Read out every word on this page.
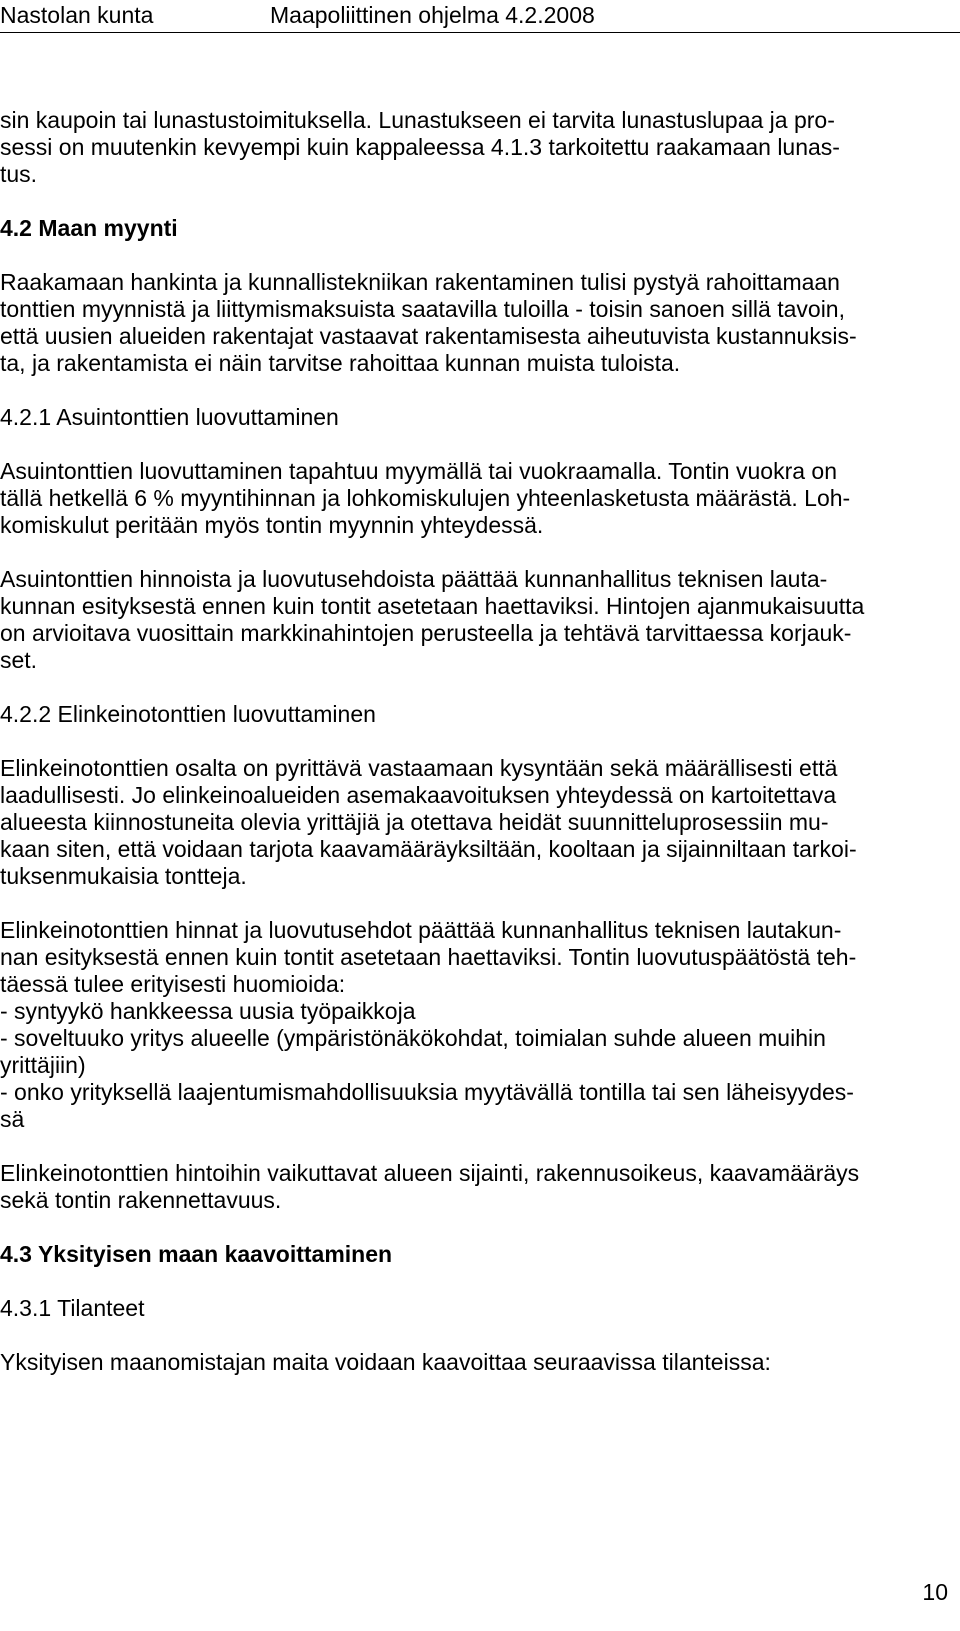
Nastolan kunta	Maapoliittinen ohjelma 4.2.2008
sin kaupoin tai lunastustoimituksella. Lunastukseen ei tarvita lunastuslupaa ja pro-
sessi on muutenkin kevyempi kuin kappaleessa 4.1.3 tarkoitettu raakamaan lunas-
tus.
4.2 Maan myynti
Raakamaan hankinta ja kunnallistekniikan rakentaminen tulisi pystyä rahoittamaan
tonttien myynnistä ja liittymismaksuista saatavilla tuloilla - toisin sanoen sillä tavoin,
että uusien alueiden rakentajat vastaavat rakentamisesta aiheutuvista kustannuksis-
ta, ja rakentamista ei näin tarvitse rahoittaa kunnan muista tuloista.
4.2.1 Asuintonttien luovuttaminen
Asuintonttien luovuttaminen tapahtuu myymällä tai vuokraamalla. Tontin vuokra on
tällä hetkellä 6 % myyntihinnan ja lohkomiskulujen yhteenlasketusta määrästä. Loh-
komiskulut peritään myös tontin myynnin yhteydessä.
Asuintonttien hinnoista ja luovutusehdoista päättää kunnanhallitus teknisen lauta-
kunnan esityksestä ennen kuin tontit asetetaan haettaviksi. Hintojen ajanmukaisuutta
on arvioitava vuosittain markkinahintojen perusteella ja tehtävä tarvittaessa korjauk-
set.
4.2.2 Elinkeinotonttien luovuttaminen
Elinkeinotonttien osalta on pyrittävä vastaamaan kysyntään sekä määrällisesti että
laadullisesti. Jo elinkeinoalueiden asemakaavoituksen yhteydessä on kartoitettava
alueesta kiinnostuneita olevia yrittäjiä ja otettava heidät suunnitteluprosessiin mu-
kaan siten, että voidaan tarjota kaavamääräyksiltään, kooltaan ja sijainniltaan tarkoi-
tuksenmukaisia tontteja.
Elinkeinotonttien hinnat ja luovutusehdot päättää kunnanhallitus teknisen lautakun-
nan esityksestä ennen kuin tontit asetetaan haettaviksi. Tontin luovutuspäätöstä teh-
täessä tulee erityisesti huomioida:
- syntyykö hankkeessa uusia työpaikkoja
- soveltuuko yritys alueelle (ympäristönäkökohdat, toimialan suhde alueen muihin
yrittäjiin)
- onko yrityksellä laajentumismahdollisuuksia myytävällä tontilla tai sen läheisyydes-
sä
Elinkeinotonttien hintoihin vaikuttavat alueen sijainti, rakennusoikeus, kaavamääräys
sekä tontin rakennettavuus.
4.3 Yksityisen maan kaavoittaminen
4.3.1 Tilanteet
Yksityisen maanomistajan maita voidaan kaavoittaa seuraavissa tilanteissa:
10
